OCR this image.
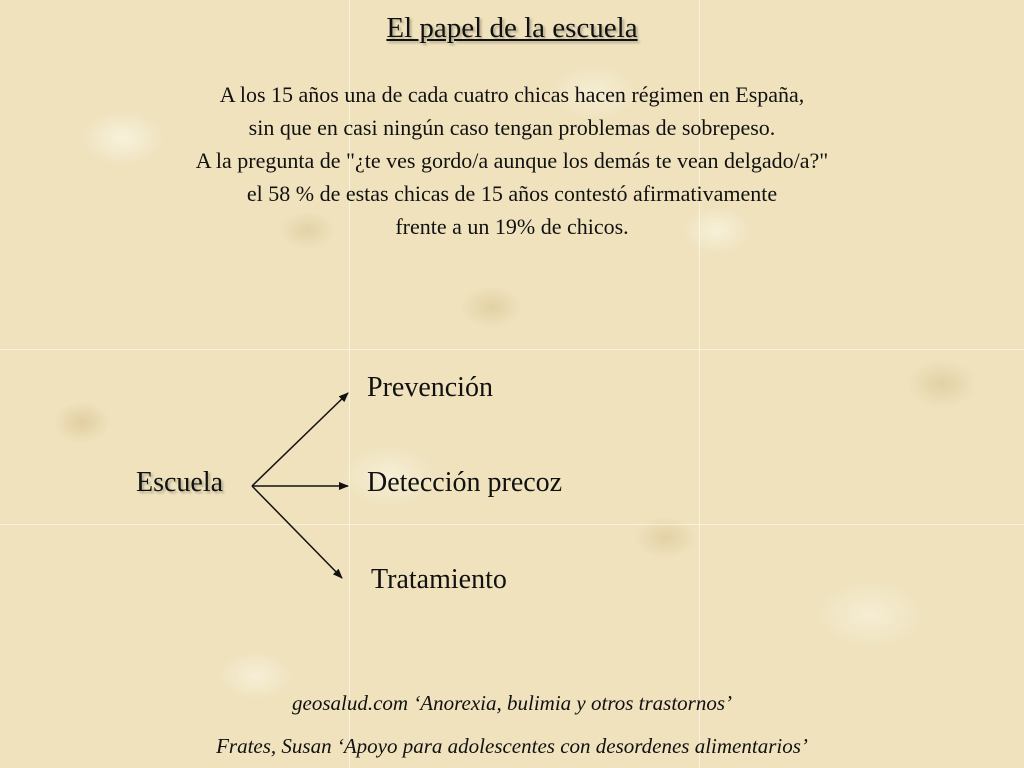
El papel de la escuela
A los 15 años una de cada cuatro chicas hacen régimen en España,
sin que en casi ningún caso tengan problemas de sobrepeso.
A la pregunta de "¿te ves gordo/a aunque los demás te vean delgado/a?"
el 58 % de estas chicas de 15 años contestó afirmativamente
frente a un 19% de chicos.
Escuela
Prevención
Detección precoz
Tratamiento
geosalud.com ‘Anorexia, bulimia y otros trastornos’
Frates, Susan ‘Apoyo para adolescentes con desordenes alimentarios’
